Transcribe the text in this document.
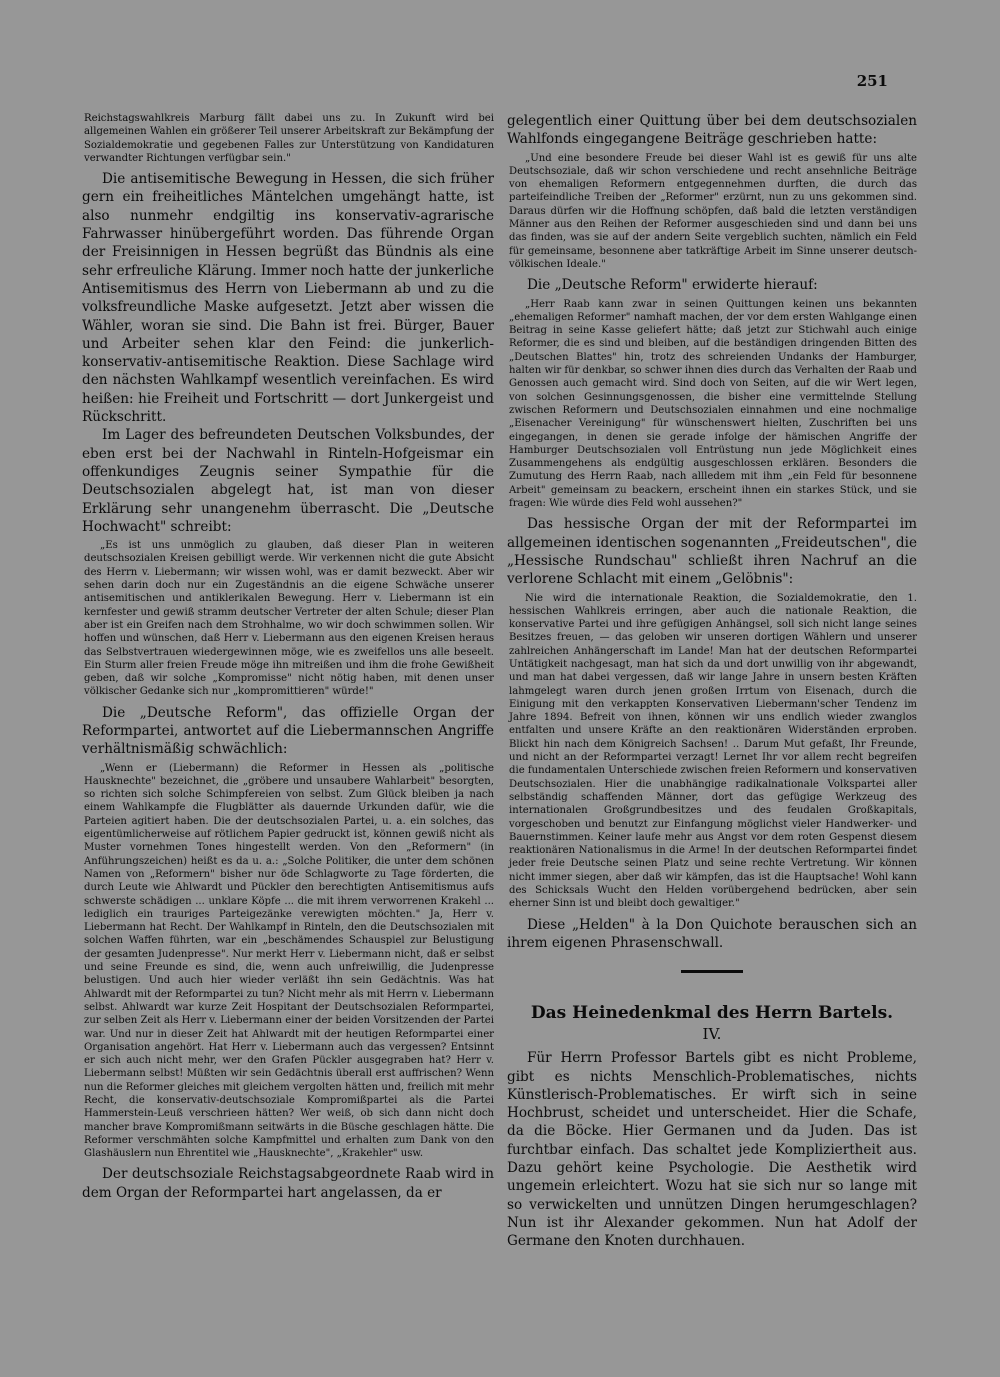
251

Reichstagswahlkreis Marburg fällt dabei uns zu. In Zukunft wird bei allgemeinen Wahlen ein größerer Teil unserer Arbeitskraft zur Bekämpfung der Sozialdemokratie und gegebenen Falles zur Unterstützung von Kandidaturen verwandter Richtungen verfügbar sein."

Die antisemitische Bewegung in Hessen, die sich früher gern ein freiheitliches Mäntelchen umgehängt hatte, ist also nunmehr endgiltig ins konservativ-agrarische Fahrwasser hinübergeführt worden. Das führende Organ der Freisinnigen in Hessen begrüßt das Bündnis als eine sehr erfreuliche Klärung. Immer noch hatte der junkerliche Antisemitismus des Herrn von Liebermann ab und zu die volksfreundliche Maske aufgesetzt. Jetzt aber wissen die Wähler, woran sie sind. Die Bahn ist frei. Bürger, Bauer und Arbeiter sehen klar den Feind: die junkerlich-konservativ-antisemitische Reaktion. Diese Sachlage wird den nächsten Wahlkampf wesentlich vereinfachen. Es wird heißen: hie Freiheit und Fortschritt — dort Junkergeist und Rückschritt.

Im Lager des befreundeten Deutschen Volksbundes, der eben erst bei der Nachwahl in Rinteln-Hofgeismar ein offenkundiges Zeugnis seiner Sympathie für die Deutschsozialen abgelegt hat, ist man von dieser Erklärung sehr unangenehm überrascht. Die „Deutsche Hochwacht" schreibt:

„Es ist uns unmöglich zu glauben, daß dieser Plan in weiteren deutschsozialen Kreisen gebilligt werde. Wir verkennen nicht die gute Absicht des Herrn v. Liebermann; wir wissen wohl, was er damit bezweckt. Aber wir sehen darin doch nur ein Zugeständnis an die eigene Schwäche unserer antisemitischen und antiklerikalen Bewegung. Herr v. Liebermann ist ein kernfester und gewiß stramm deutscher Vertreter der alten Schule; dieser Plan aber ist ein Greifen nach dem Strohhalme, wo wir doch schwimmen sollen. Wir hoffen und wünschen, daß Herr v. Liebermann aus den eigenen Kreisen heraus das Selbstvertrauen wiedergewinnen möge, wie es zweifellos uns alle beseelt. Ein Sturm aller freien Freude möge ihn mitreißen und ihm die frohe Gewißheit geben, daß wir solche „Kompromisse" nicht nötig haben, mit denen unser völkischer Gedanke sich nur „kompromittieren" würde!"

Die „Deutsche Reform", das offizielle Organ der Reformpartei, antwortet auf die Liebermannschen Angriffe verhältnismäßig schwächlich:

„Wenn er (Liebermann) die Reformer in Hessen als „politische Hausknechte" bezeichnet, die „gröbere und unsaubere Wahlarbeit" besorgten, so richten sich solche Schimpfereien von selbst. Zum Glück bleiben ja nach einem Wahlkampfe die Flugblätter als dauernde Urkunden dafür, wie die Parteien agitiert haben. Die der deutschsozialen Partei, u. a. ein solches, das eigentümlicherweise auf rötlichem Papier gedruckt ist, können gewiß nicht als Muster vornehmen Tones hingestellt werden. Von den „Reformern" (in Anführungszeichen) heißt es da u. a.: „Solche Politiker, die unter dem schönen Namen von „Reformern" bisher nur öde Schlagworte zu Tage förderten, die durch Leute wie Ahlwardt und Pückler den berechtigten Antisemitismus aufs schwerste schädigen ... unklare Köpfe ... die mit ihrem verworrenen Krakehl ... lediglich ein trauriges Parteigezänke verewigten möchten." Ja, Herr v. Liebermann hat Recht. Der Wahlkampf in Rinteln, den die Deutschsozialen mit solchen Waffen führten, war ein „beschämendes Schauspiel zur Belustigung der gesamten Judenpresse". Nur merkt Herr v. Liebermann nicht, daß er selbst und seine Freunde es sind, die, wenn auch unfreiwillig, die Judenpresse belustigen. Und auch hier wieder verläßt ihn sein Gedächtnis. Was hat Ahlwardt mit der Reformpartei zu tun? Nicht mehr als mit Herrn v. Liebermann selbst. Ahlwardt war kurze Zeit Hospitant der Deutschsozialen Reformpartei, zur selben Zeit als Herr v. Liebermann einer der beiden Vorsitzenden der Partei war. Und nur in dieser Zeit hat Ahlwardt mit der heutigen Reformpartei einer Organisation angehört. Hat Herr v. Liebermann auch das vergessen? Entsinnt er sich auch nicht mehr, wer den Grafen Pückler ausgegraben hat? Herr v. Liebermann selbst! Müßten wir sein Gedächtnis überall erst auffrischen? Wenn nun die Reformer gleiches mit gleichem vergolten hätten und, freilich mit mehr Recht, die konservativ-deutschsoziale Kompromißpartei als die Partei Hammerstein-Leuß verschrieen hätten? Wer weiß, ob sich dann nicht doch mancher brave Kompromißmann seitwärts in die Büsche geschlagen hätte. Die Reformer verschmähten solche Kampfmittel und erhalten zum Dank von den Glashäuslern nun Ehrentitel wie „Hausknechte", „Krakehler" usw.

Der deutschsoziale Reichstagsabgeordnete Raab wird in dem Organ der Reformpartei hart angelassen, da er

gelegentlich einer Quittung über bei dem deutschsozialen Wahlfonds eingegangene Beiträge geschrieben hatte:

„Und eine besondere Freude bei dieser Wahl ist es gewiß für uns alte Deutschsoziale, daß wir schon verschiedene und recht ansehnliche Beiträge von ehemaligen Reformern entgegennehmen durften, die durch das parteifeindliche Treiben der „Reformer" erzürnt, nun zu uns gekommen sind. Daraus dürfen wir die Hoffnung schöpfen, daß bald die letzten verständigen Männer aus den Reihen der Reformer ausgeschieden sind und dann bei uns das finden, was sie auf der andern Seite vergeblich suchten, nämlich ein Feld für gemeinsame, besonnene aber tatkräftige Arbeit im Sinne unserer deutsch-völkischen Ideale."

Die „Deutsche Reform" erwiderte hierauf:

„Herr Raab kann zwar in seinen Quittungen keinen uns bekannten „ehemaligen Reformer" namhaft machen, der vor dem ersten Wahlgange einen Beitrag in seine Kasse geliefert hätte; daß jetzt zur Stichwahl auch einige Reformer, die es sind und bleiben, auf die beständigen dringenden Bitten des „Deutschen Blattes" hin, trotz des schreienden Undanks der Hamburger, halten wir für denkbar, so schwer ihnen dies durch das Verhalten der Raab und Genossen auch gemacht wird. Sind doch von Seiten, auf die wir Wert legen, von solchen Gesinnungsgenossen, die bisher eine vermittelnde Stellung zwischen Reformern und Deutschsozialen einnahmen und eine nochmalige „Eisenacher Vereinigung" für wünschenswert hielten, Zuschriften bei uns eingegangen, in denen sie gerade infolge der hämischen Angriffe der Hamburger Deutschsozialen voll Entrüstung nun jede Möglichkeit eines Zusammengehens als endgültig ausgeschlossen erklären. Besonders die Zumutung des Herrn Raab, nach allledem mit ihm „ein Feld für besonnene Arbeit" gemeinsam zu beackern, erscheint ihnen ein starkes Stück, und sie fragen: Wie würde dies Feld wohl aussehen?"

Das hessische Organ der mit der Reformpartei im allgemeinen identischen sogenannten „Freideutschen", die „Hessische Rundschau" schließt ihren Nachruf an die verlorene Schlacht mit einem „Gelöbnis":

Nie wird die internationale Reaktion, die Sozialdemokratie, den 1. hessischen Wahlkreis erringen, aber auch die nationale Reaktion, die konservative Partei und ihre gefügigen Anhängsel, soll sich nicht lange seines Besitzes freuen, — das geloben wir unseren dortigen Wählern und unserer zahlreichen Anhängerschaft im Lande! Man hat der deutschen Reformpartei Untätigkeit nachgesagt, man hat sich da und dort unwillig von ihr abgewandt, und man hat dabei vergessen, daß wir lange Jahre in unsern besten Kräften lahmgelegt waren durch jenen großen Irrtum von Eisenach, durch die Einigung mit den verkappten Konservativen Liebermann'scher Tendenz im Jahre 1894. Befreit von ihnen, können wir uns endlich wieder zwanglos entfalten und unsere Kräfte an den reaktionären Widerständen erproben. Blickt hin nach dem Königreich Sachsen! .. Darum Mut gefaßt, Ihr Freunde, und nicht an der Reformpartei verzagt! Lernet Ihr vor allem recht begreifen die fundamentalen Unterschiede zwischen freien Reformern und konservativen Deutschsozialen. Hier die unabhängige radikalnationale Volkspartei aller selbständig schaffenden Männer, dort das gefügige Werkzeug des internationalen Großgrundbesitzes und des feudalen Großkapitals, vorgeschoben und benutzt zur Einfangung möglichst vieler Handwerker- und Bauernstimmen. Keiner laufe mehr aus Angst vor dem roten Gespenst diesem reaktionären Nationalismus in die Arme! In der deutschen Reformpartei findet jeder freie Deutsche seinen Platz und seine rechte Vertretung. Wir können nicht immer siegen, aber daß wir kämpfen, das ist die Hauptsache! Wohl kann des Schicksals Wucht den Helden vorübergehend bedrücken, aber sein eherner Sinn ist und bleibt doch gewaltiger."

Diese „Helden" à la Don Quichote berauschen sich an ihrem eigenen Phrasenschwall.

Das Heinedenkmal des Herrn Bartels.
IV.

Für Herrn Professor Bartels gibt es nicht Probleme, gibt es nichts Menschlich-Problematisches, nichts Künstlerisch-Problematisches. Er wirft sich in seine Hochbrust, scheidet und unterscheidet. Hier die Schafe, da die Böcke. Hier Germanen und da Juden. Das ist furchtbar einfach. Das schaltet jede Kompliziertheit aus. Dazu gehört keine Psychologie. Die Aesthetik wird ungemein erleichtert. Wozu hat sie sich nur so lange mit so verwickelten und unnützen Dingen herumgeschlagen? Nun ist ihr Alexander gekommen. Nun hat Adolf der Germane den Knoten durchhauen.
